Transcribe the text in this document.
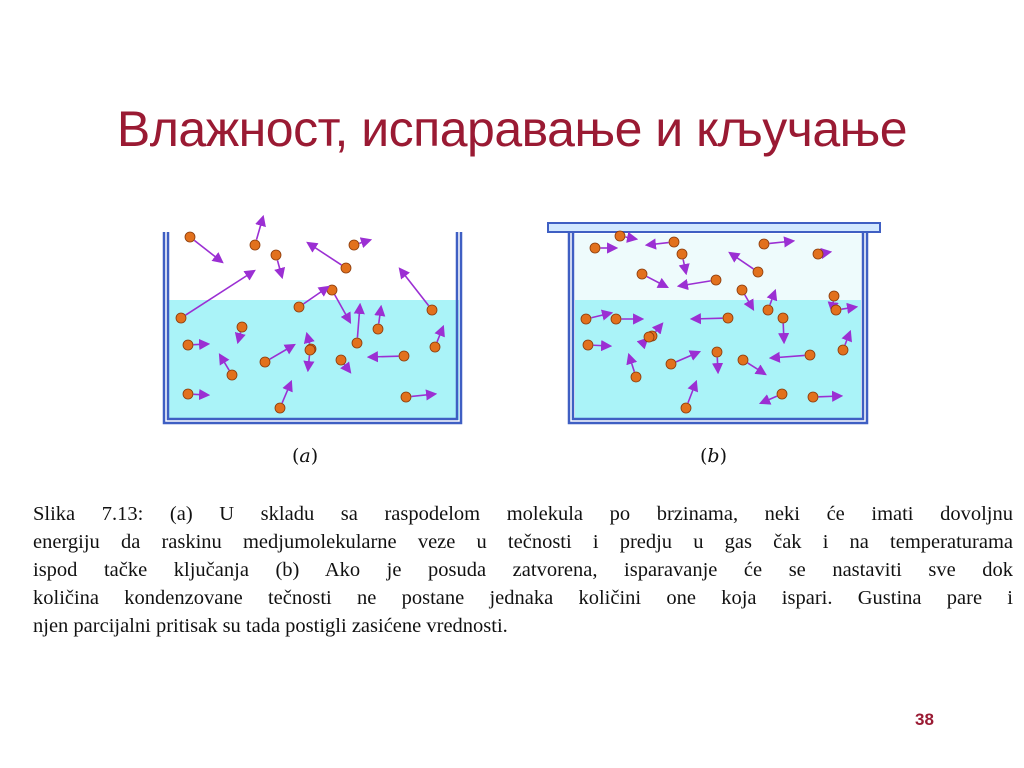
Влажност, испаравање и кључање
(a)	(b)
Slika 7.13: (a) U skladu sa raspodelom molekula po brzinama, neki će imati dovoljnu
energiju da raskinu medjumolekularne veze u tečnosti i predju u gas čak i na temperaturama
ispod tačke ključanja (b) Ako je posuda zatvorena, isparavanje će se nastaviti sve dok
količina kondenzovane tečnosti ne postane jednaka količini one koja ispari. Gustina pare i
njen parcijalni pritisak su tada postigli zasićene vrednosti.
38
